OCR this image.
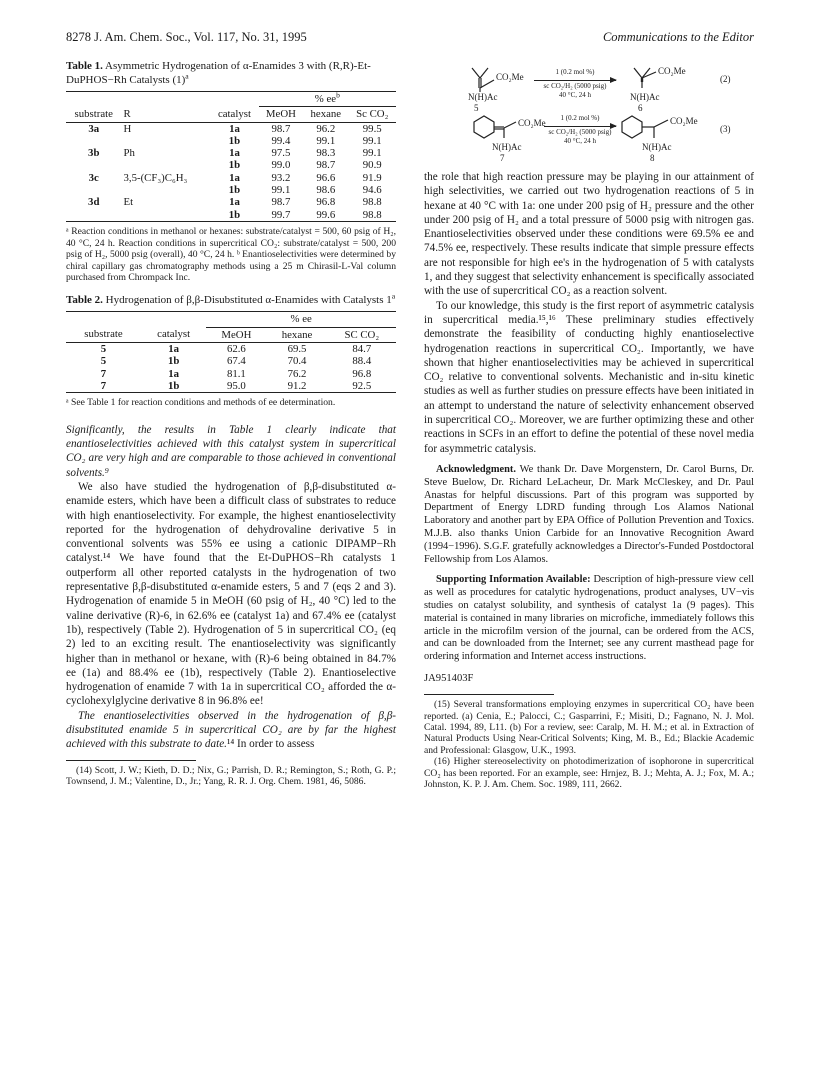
8278 J. Am. Chem. Soc., Vol. 117, No. 31, 1995	Communications to the Editor
Table 1. Asymmetric Hydrogenation of α-Enamides 3 with (R,R)-Et-DuPHOS−Rh Catalysts $(1)^a$
			% $ee^b$
substrate	R	catalyst	MeOH	hexane	Sc CO₂
3a	H	1a	98.7	96.2	99.5
		1b	99.4	99.1	99.1
3b	Ph	1a	97.5	98.3	99.1
		1b	99.0	98.7	90.9
3c	3,5-(CF₃)C₆H₃	1a	93.2	96.6	91.9
		1b	99.1	98.6	94.6
3d	Et	1a	98.7	96.8	98.8
		1b	99.7	99.6	98.8
ᵃ Reaction conditions in methanol or hexanes: substrate/catalyst = 500, 60 psig of H₂, 40 °C, 24 h. Reaction conditions in supercritical CO₂: substrate/catalyst = 500, 200 psig of H₂, 5000 psig (overall), 40 °C, 24 h. ᵇ Enantioselectivities were determined by chiral capillary gas chromatography methods using a 25 m Chirasil-L-Val column purchased from Chrompack Inc.
Table 2. Hydrogenation of β,β-Disubstituted α-Enamides with Catalysts 1$^a$
		% ee		
substrate	catalyst	MeOH	hexane	SC CO₂
5	1a	62.6	69.5	84.7
5	1b	67.4	70.4	88.4
7	1a	81.1	76.2	96.8
7	1b	95.0	91.2	92.5
ᵃ See Table 1 for reaction conditions and methods of ee determination.

Significantly, the results in Table 1 clearly indicate that enantioselectivities achieved with this catalyst system in supercritical CO₂ are very high and are comparable to those achieved in conventional solvents.⁹

We also have studied the hydrogenation of β,β-disubstituted α-enamide esters, which have been a difficult class of substrates to reduce with high enantioselectivity. For example, the highest enantioselectivity reported for the hydrogenation of dehydrovaline derivative 5 in conventional solvents was 55% ee using a cationic DIPAMP−Rh catalyst.¹⁴ We have found that the Et-DuPHOS−Rh catalysts 1 outperform all other reported catalysts in the hydrogenation of two representative β,β-disubstituted α-enamide esters, 5 and 7 (eqs 2 and 3). Hydrogenation of enamide 5 in MeOH (60 psig of H₂, 40 °C) led to the valine derivative (R)-6, in 62.6% ee (catalyst 1a) and 67.4% ee (catalyst 1b), respectively (Table 2). Hydrogenation of 5 in supercritical CO₂ (eq 2) led to an exciting result. The enantioselectivity was significantly higher than in methanol or hexane, with (R)-6 being obtained in 84.7% ee (1a) and 88.4% ee (1b), respectively (Table 2). Enantioselective hydrogenation of enamide 7 with 1a in supercritical CO₂ afforded the α-cyclohexylglycine derivative 8 in 96.8% ee!

The enantioselectivities observed in the hydrogenation of β,β-disubstituted enamide 5 in supercritical CO₂ are by far the highest achieved with this substrate to date.¹⁴ In order to assess

(14) Scott, J. W.; Kieth, D. D.; Nix, G.; Parrish, D. R.; Remington, S.; Roth, G. P.; Townsend, J. M.; Valentine, D., Jr.; Yang, R. R. J. Org. Chem. 1981, 46, 5086.

CO₂Me
N(H)Ac
5
1 (0.2 mol %)
sc CO₂/H₂ (5000 psig)
40 °C, 24 h
CO₂Me
N(H)Ac
6
(2)
CO₂Me
N(H)Ac
7
1 (0.2 mol %)
sc CO₂/H₂ (5000 psig)
40 °C, 24 h
CO₂Me
N(H)Ac
8
(3)

the role that high reaction pressure may be playing in our attainment of high selectivities, we carried out two hydrogenation reactions of 5 in hexane at 40 °C with 1a: one under 200 psig of H₂ pressure and the other under 200 psig of H₂ and a total pressure of 5000 psig with nitrogen gas. Enantioselectivities observed under these conditions were 69.5% ee and 74.5% ee, respectively. These results indicate that simple pressure effects are not responsible for high ee's in the hydrogenation of 5 with catalysts 1, and they suggest that selectivity enhancement is specifically associated with the use of supercritical CO₂ as a reaction solvent.

To our knowledge, this study is the first report of asymmetric catalysis in supercritical media.¹⁵,¹⁶ These preliminary studies effectively demonstrate the feasibility of conducting highly enantioselective hydrogenation reactions in supercritical CO₂. Importantly, we have shown that higher enantioselectivities may be achieved in supercritical CO₂ relative to conventional solvents. Mechanistic and in-situ kinetic studies as well as further studies on pressure effects have been initiated in an attempt to understand the nature of selectivity enhancement observed in supercritical CO₂. Moreover, we are further optimizing these and other reactions in SCFs in an effort to define the potential of these novel media for asymmetric catalysis.

Acknowledgment. We thank Dr. Dave Morgenstern, Dr. Carol Burns, Dr. Steve Buelow, Dr. Richard LeLacheur, Dr. Mark McCleskey, and Dr. Paul Anastas for helpful discussions. Part of this program was supported by Department of Energy LDRD funding through Los Alamos National Laboratory and another part by EPA Office of Pollution Prevention and Toxics. M.J.B. also thanks Union Carbide for an Innovative Recognition Award (1994−1996). S.G.F. gratefully acknowledges a Director's-Funded Postdoctoral Fellowship from Los Alamos.

Supporting Information Available: Description of high-pressure view cell as well as procedures for catalytic hydrogenations, product analyses, UV−vis studies on catalyst solubility, and synthesis of catalyst 1a (9 pages). This material is contained in many libraries on microfiche, immediately follows this article in the microfilm version of the journal, can be ordered from the ACS, and can be downloaded from the Internet; see any current masthead page for ordering information and Internet access instructions.

JA951403F

(15) Several transformations employing enzymes in supercritical CO₂ have been reported. (a) Cenia, E.; Palocci, C.; Gasparrini, F.; Misiti, D.; Fagnano, N. J. Mol. Catal. 1994, 89, L11. (b) For a review, see: Caralp, M. H. M.; et al. in Extraction of Natural Products Using Near-Critical Solvents; King, M. B., Ed.; Blackie Academic and Professional: Glasgow, U.K., 1993.

(16) Higher stereoselectivity on photodimerization of isophorone in supercritical CO₂ has been reported. For an example, see: Hrnjez, B. J.; Mehta, A. J.; Fox, M. A.; Johnston, K. P. J. Am. Chem. Soc. 1989, 111, 2662.
